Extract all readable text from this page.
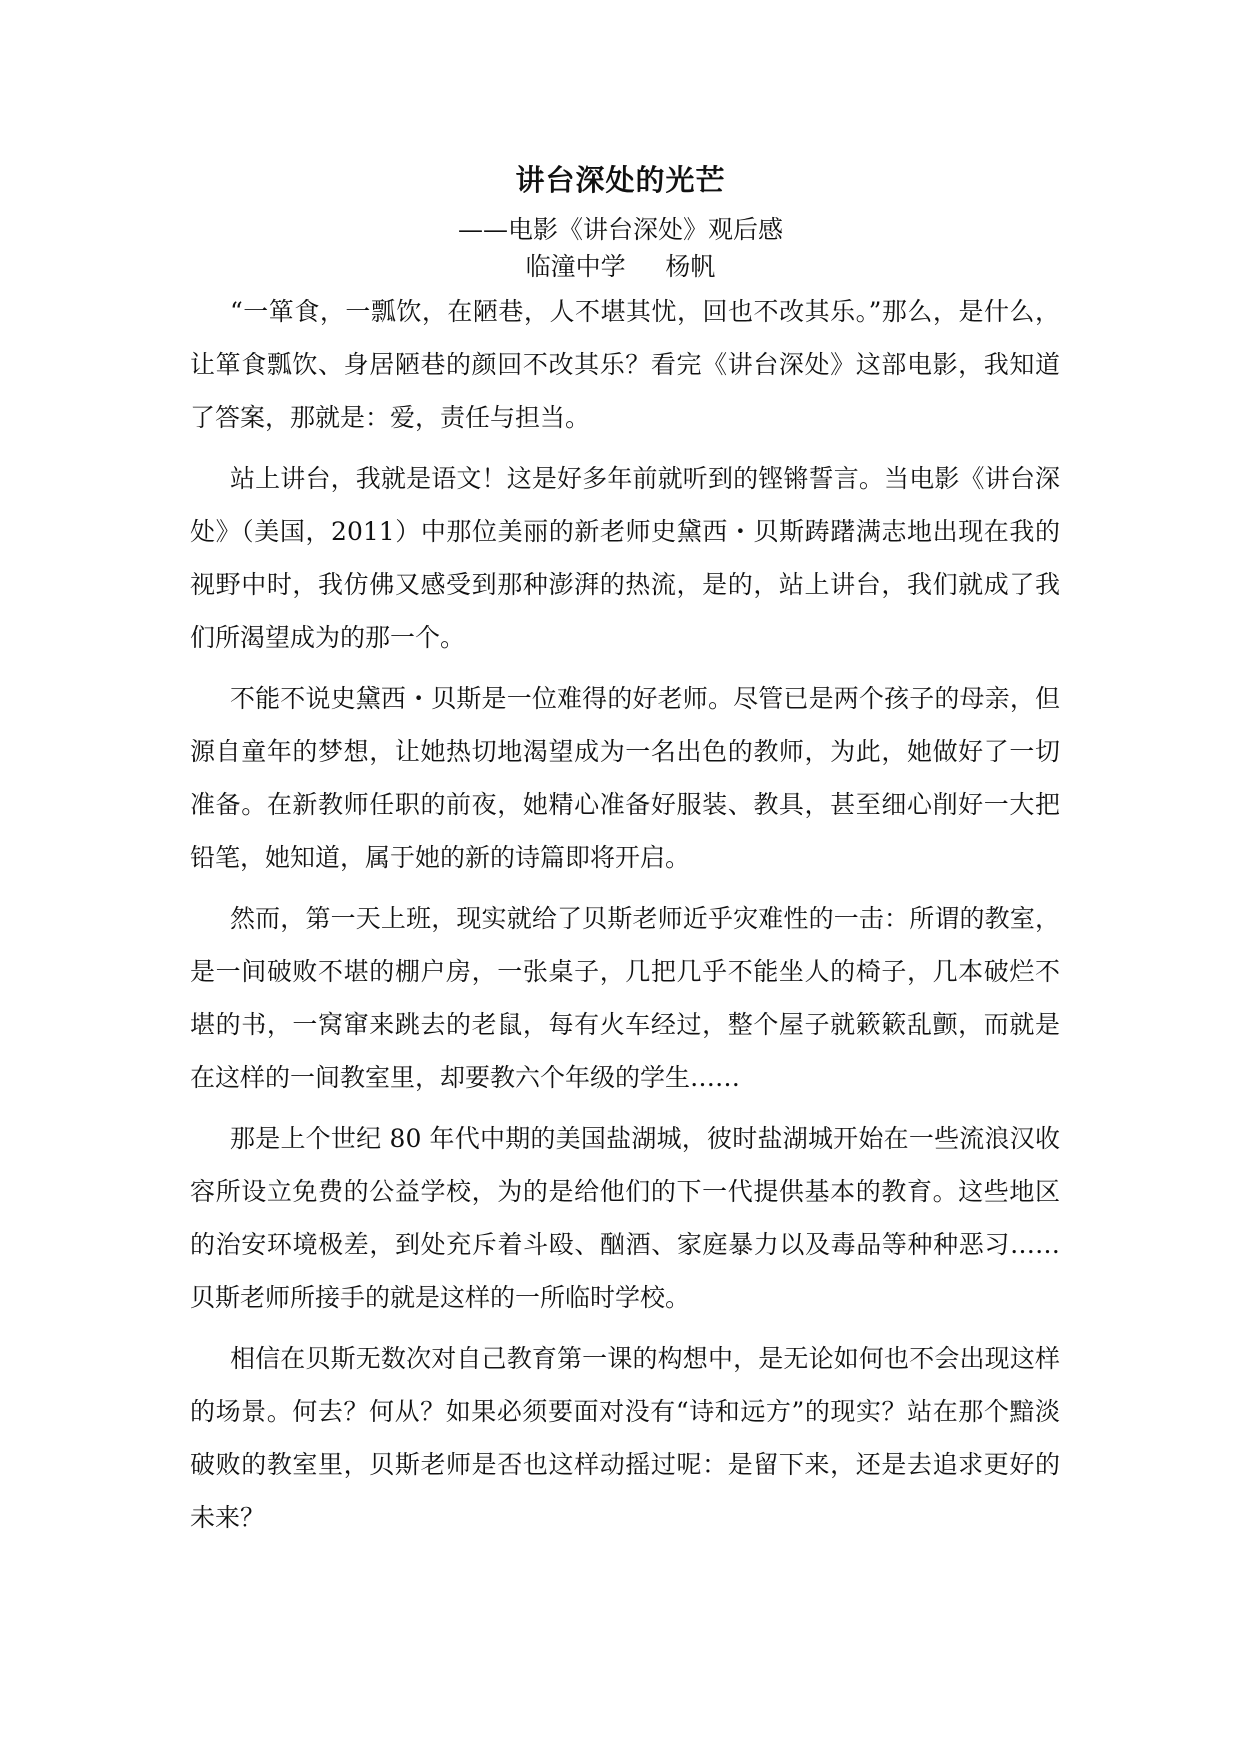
讲台深处的光芒
——电影《讲台深处》观后感
临潼中学     杨帆

“一箪食，一瓢饮，在陋巷，人不堪其忧，回也不改其乐。”那么，是什么，让箪食瓢饮、身居陋巷的颜回不改其乐？看完《讲台深处》这部电影，我知道了答案，那就是：爱，责任与担当。

站上讲台，我就是语文！这是好多年前就听到的铿锵誓言。当电影《讲台深处》（美国，2011）中那位美丽的新老师史黛西・贝斯踌躇满志地出现在我的视野中时，我仿佛又感受到那种澎湃的热流，是的，站上讲台，我们就成了我们所渴望成为的那一个。

不能不说史黛西・贝斯是一位难得的好老师。尽管已是两个孩子的母亲，但源自童年的梦想，让她热切地渴望成为一名出色的教师，为此，她做好了一切准备。在新教师任职的前夜，她精心准备好服装、教具，甚至细心削好一大把铅笔，她知道，属于她的新的诗篇即将开启。

然而，第一天上班，现实就给了贝斯老师近乎灾难性的一击：所谓的教室，是一间破败不堪的棚户房，一张桌子，几把几乎不能坐人的椅子，几本破烂不堪的书，一窝窜来跳去的老鼠，每有火车经过，整个屋子就簌簌乱颤，而就是在这样的一间教室里，却要教六个年级的学生……

那是上个世纪 80 年代中期的美国盐湖城，彼时盐湖城开始在一些流浪汉收容所设立免费的公益学校，为的是给他们的下一代提供基本的教育。这些地区的治安环境极差，到处充斥着斗殴、酗酒、家庭暴力以及毒品等种种恶习……贝斯老师所接手的就是这样的一所临时学校。

相信在贝斯无数次对自己教育第一课的构想中，是无论如何也不会出现这样的场景。何去？何从？如果必须要面对没有“诗和远方”的现实？站在那个黯淡破败的教室里，贝斯老师是否也这样动摇过呢：是留下来，还是去追求更好的未来？
